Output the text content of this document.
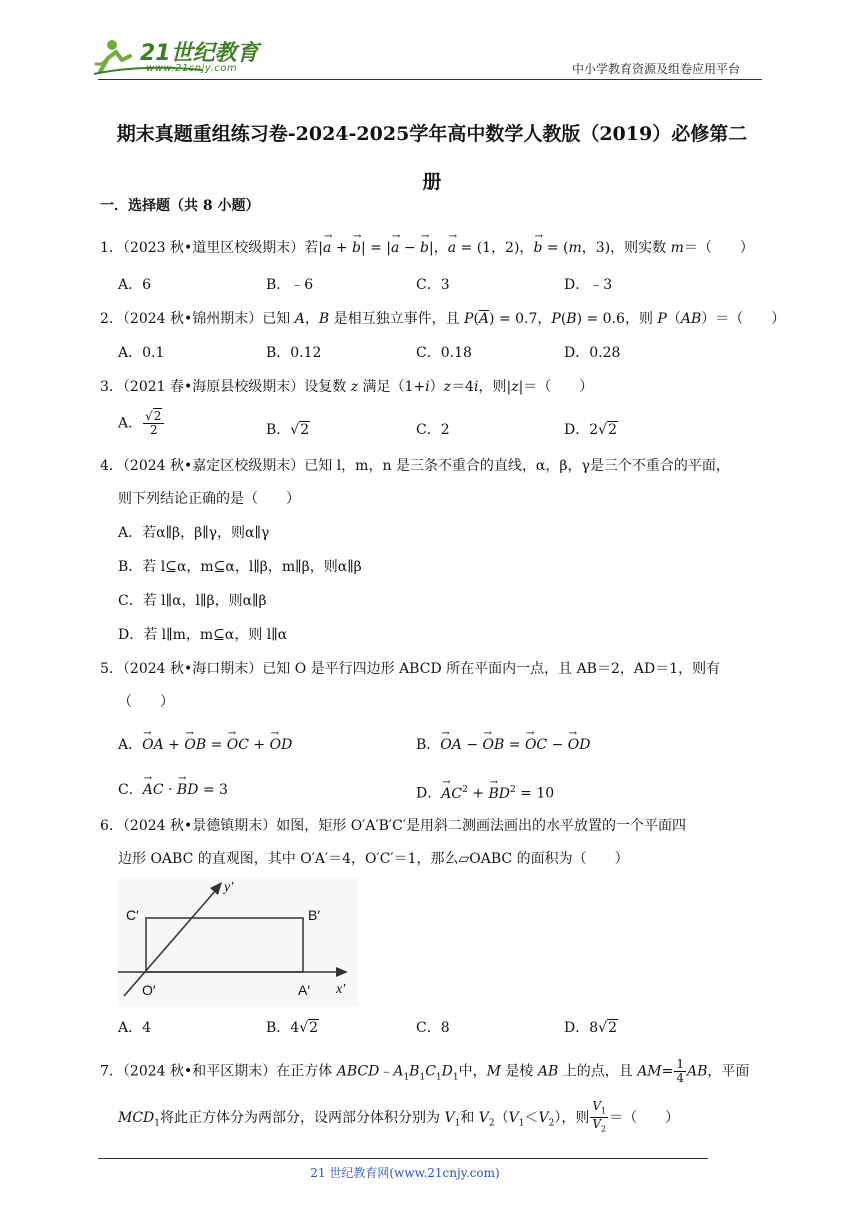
21世纪教育
www.21cnjy.com	中小学教育资源及组卷应用平台
期末真题重组练习卷-2024-2025学年高中数学人教版（2019）必修第二
册
一．选择题（共 8 小题）
1．（2023 秋•道里区校级期末）若|→ a + → b| = |→ a − → b|，→ a = (1，2)，→ b = (m，3)，则实数 m＝（　　）
A．6	B．﹣6	C．3	D．﹣3
2．（2024 秋•锦州期末）已知 A，B 是相互独立事件，且 $P(\overline{A}) = 0.7$，P(B) = 0.6，则 P（AB）＝（　　）
A．0.1	B．0.12	C．0.18	D．0.28
3．（2021 春•海原县校级期末）设复数 z 满足（1+i）z＝4i，则|z|＝（　　）
A． $\frac{√2}{2}$	B．√2	C．2	D．2√2
4．（2024 秋•嘉定区校级期末）已知 l，m，n 是三条不重合的直线，α，β，γ是三个不重合的平面，
则下列结论正确的是（　　）
A．若α∥β，β∥γ，则α∥γ
B．若 l⊆α，m⊆α，l∥β，m∥β，则α∥β
C．若 l∥α，l∥β，则α∥β
D．若 l∥m，m⊆α，则 l∥α
5．（2024 秋•海口期末）已知 O 是平行四边形 ABCD 所在平面内一点，且 AB＝2，AD＝1，则有
（　　）
A．→ OA + → OB = → OC + → OD	B．→ OA − → OB = → OC − → OD
C．→ AC · → BD = 3	D．→ $AC^2$ + → $BD^2 = 10$
6．（2024 秋•景德镇期末）如图，矩形 O′A′B′C′是用斜二测画法画出的水平放置的一个平面四
边形 OABC 的直观图，其中 O′A′＝4，O′C′＝1，那么▱OABC 的面积为（　　）
C′	B′
y′
O′	A′ x′
A．4	B．4√2	C．8	D．8√2
7．（2024 秋•和平区期末）在正方体 $ABCD﹣A_1B_1C_1D_1$中，M 是棱 AB 上的点，且 $AM= \frac{1}{4}$ AB，平面
$MCD_1$将此正方体分为两部分，设两部分体积分别为 $V_1$和 $V_2(V_1<V_2)$，则 $\frac{V_1}{V_2}$ ＝（　　）
21 世纪教育网(www.21cnjy.com)
